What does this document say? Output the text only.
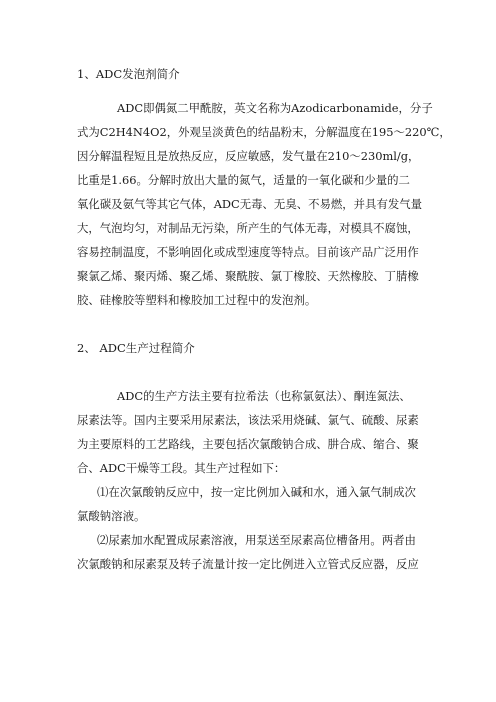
1、ADC发泡剂简介
ADC即偶氮二甲酰胺，英文名称为Azodicarbonamide，分子
式为C2H4N4O2，外观呈淡黄色的结晶粉末，分解温度在195～220℃，
因分解温程短且是放热反应，反应敏感，发气量在210～230ml/g，
比重是1.66。分解时放出大量的氮气，适量的一氧化碳和少量的二
氧化碳及氨气等其它气体，ADC无毒、无臭、不易燃，并具有发气量
大，气泡均匀，对制品无污染，所产生的气体无毒，对模具不腐蚀，
容易控制温度，不影响固化或成型速度等特点。目前该产品广泛用作
聚氯乙烯、聚丙烯、聚乙烯、聚酰胺、氯丁橡胶、天然橡胶、丁腈橡
胶、硅橡胶等塑料和橡胶加工过程中的发泡剂。
2、 ADC生产过程简介
ADC的生产方法主要有拉希法（也称氯氨法）、酮连氮法、
尿素法等。国内主要采用尿素法，该法采用烧碱、氯气、硫酸、尿素
为主要原料的工艺路线，主要包括次氯酸钠合成、肼合成、缩合、聚
合、ADC干燥等工段。其生产过程如下：
⑴在次氯酸钠反应中，按一定比例加入碱和水，通入氯气制成次
氯酸钠溶液。
⑵尿素加水配置成尿素溶液，用泵送至尿素高位槽备用。两者由
次氯酸钠和尿素泵及转子流量计按一定比例进入立管式反应器，反应
